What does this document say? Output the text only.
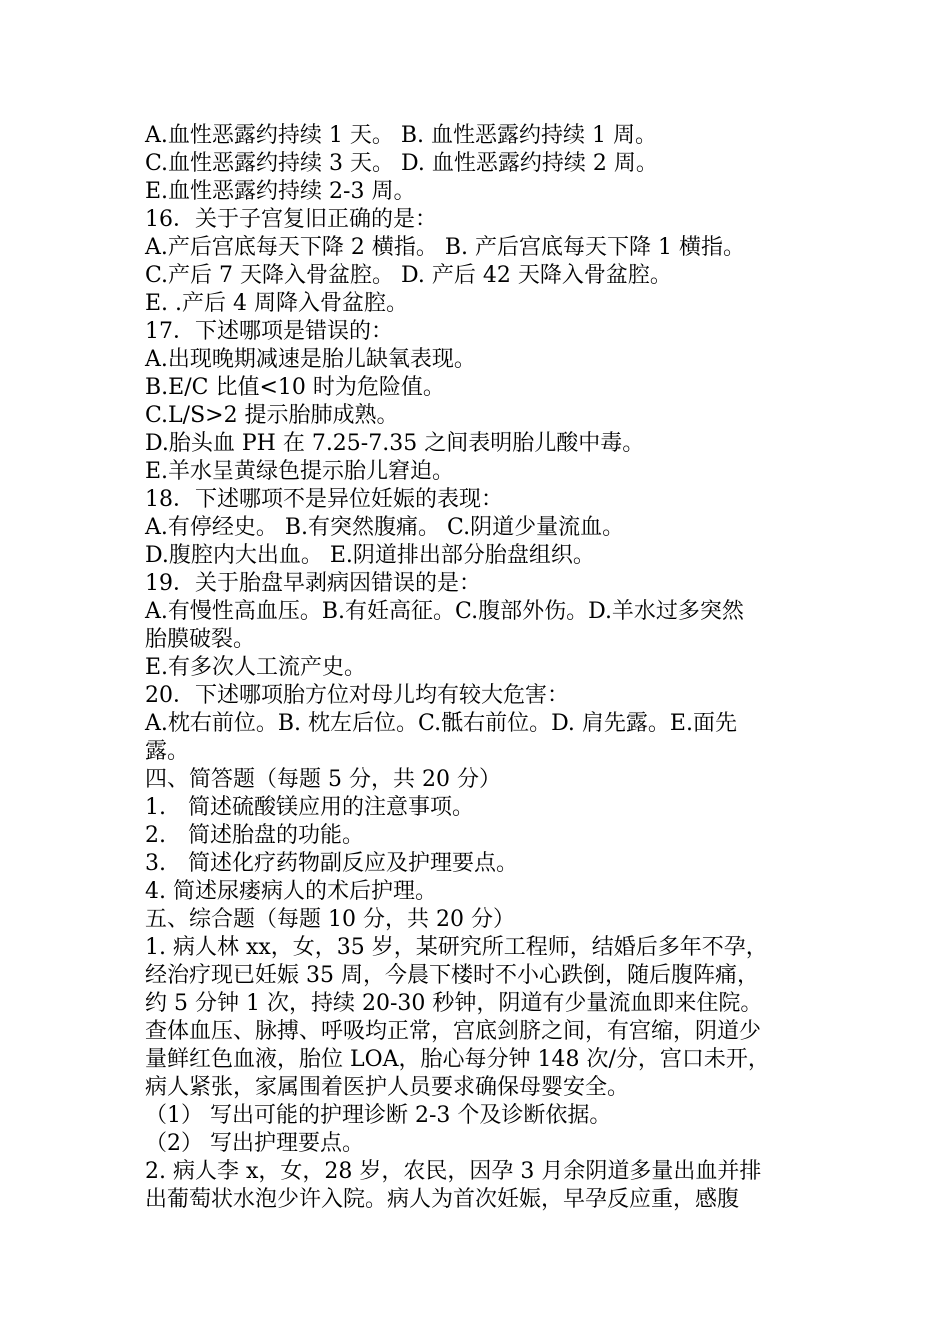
A.血性恶露约持续 1 天。 B. 血性恶露约持续 1 周。
C.血性恶露约持续 3 天。 D. 血性恶露约持续 2 周。
E.血性恶露约持续 2-3 周。
16．关于子宫复旧正确的是：
A.产后宫底每天下降 2 横指。 B. 产后宫底每天下降 1 横指。
C.产后 7 天降入骨盆腔。 D. 产后 42 天降入骨盆腔。
E. .产后 4 周降入骨盆腔。
17．下述哪项是错误的：
A.出现晚期减速是胎儿缺氧表现。
B.E/C 比值<10 时为危险值。
C.L/S>2 提示胎肺成熟。
D.胎头血 PH 在 7.25-7.35 之间表明胎儿酸中毒。
E.羊水呈黄绿色提示胎儿窘迫。
18．下述哪项不是异位妊娠的表现：
A.有停经史。 B.有突然腹痛。 C.阴道少量流血。
D.腹腔内大出血。 E.阴道排出部分胎盘组织。
19．关于胎盘早剥病因错误的是：
A.有慢性高血压。B.有妊高征。C.腹部外伤。D.羊水过多突然
胎膜破裂。
E.有多次人工流产史。
20．下述哪项胎方位对母儿均有较大危害：
A.枕右前位。B. 枕左后位。C.骶右前位。D. 肩先露。E.面先
露。
四、简答题（每题 5 分，共 20 分）
1.　简述硫酸镁应用的注意事项。
2.　简述胎盘的功能。
3.　简述化疗药物副反应及护理要点。
4. 简述尿瘘病人的术后护理。
五、综合题（每题 10 分，共 20 分）
1. 病人林 xx，女，35 岁，某研究所工程师，结婚后多年不孕，
经治疗现已妊娠 35 周，今晨下楼时不小心跌倒，随后腹阵痛，
约 5 分钟 1 次，持续 20-30 秒钟，阴道有少量流血即来住院。
查体血压、脉搏、呼吸均正常，宫底剑脐之间，有宫缩，阴道少
量鲜红色血液，胎位 LOA，胎心每分钟 148 次/分，宫口未开，
病人紧张，家属围着医护人员要求确保母婴安全。
（1） 写出可能的护理诊断 2-3 个及诊断依据。
（2） 写出护理要点。
2. 病人李 x，女，28 岁，农民，因孕 3 月余阴道多量出血并排
出葡萄状水泡少许入院。病人为首次妊娠，早孕反应重，感腹
